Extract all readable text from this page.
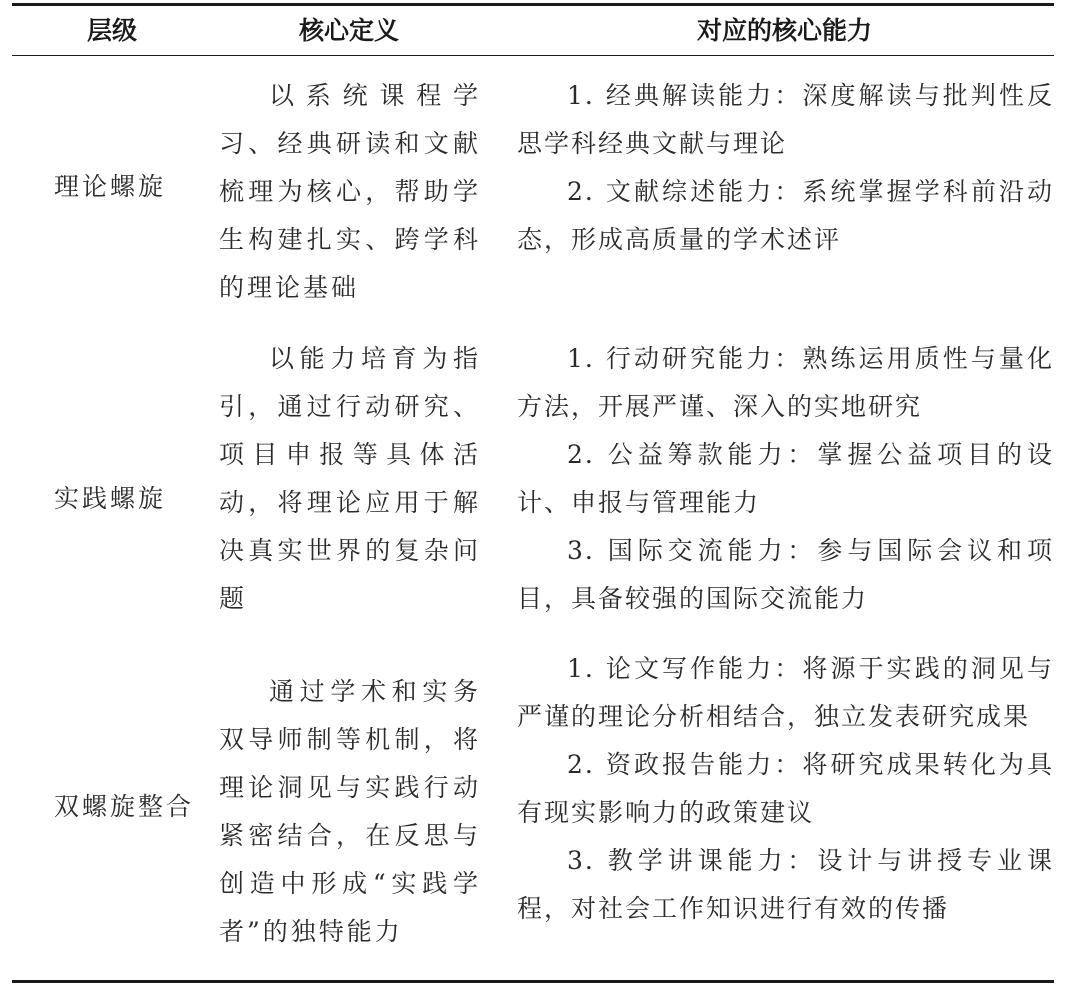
层级	核心定义	对应的核心能力
理论螺旋

以系统课程学习、经典研读和文献梳理为核心，帮助学生构建扎实、跨学科的理论基础

1. 经典解读能力：深度解读与批判性反思学科经典文献与理论

2. 文献综述能力：系统掌握学科前沿动态，形成高质量的学术述评

实践螺旋

以能力培育为指引，通过行动研究、项目申报等具体活动，将理论应用于解决真实世界的复杂问题

1. 行动研究能力：熟练运用质性与量化方法，开展严谨、深入的实地研究

2. 公益筹款能力：掌握公益项目的设计、申报与管理能力

3. 国际交流能力：参与国际会议和项目，具备较强的国际交流能力

双螺旋整合

通过学术和实务双导师制等机制，将理论洞见与实践行动紧密结合，在反思与创造中形成“实践学者”的独特能力

1. 论文写作能力：将源于实践的洞见与严谨的理论分析相结合，独立发表研究成果

2. 资政报告能力：将研究成果转化为具有现实影响力的政策建议

3. 教学讲课能力：设计与讲授专业课程，对社会工作知识进行有效的传播
